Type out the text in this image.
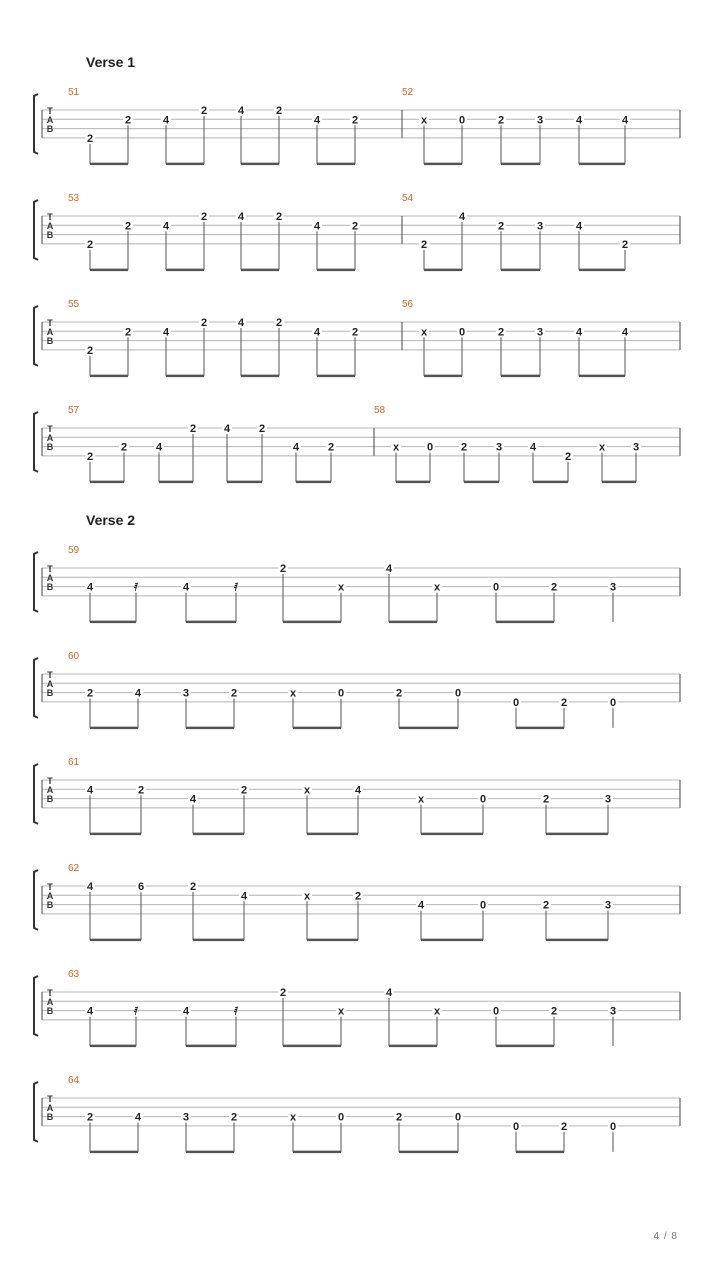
Verse 1
Verse 2
T
A
B
51
2
2	4
2	4	2
4	2
52
x	0	2	3	4	4
T
A
B
53
2
2	4
2	4	2
4	2
54
2
4
2	3	4
2
T
A
B
55
2
2	4
2	4	2
4	2
56
x	0	2	3	4	4
T
A
B
57
2
2	4
2	4	2
4	2
58
x	0	2	3	4
2
x	3
T
A
B
59
4	𝅀	4	𝅀
2
x
4
x	0	2	3
T
A
B
60
2	4	3	2	x	0	2	0
0	2	0
T
A
B
61
4	2
4
2	x	4
x	0	2	3
T
A
B
62
4	6	2
4	x	2
4	0	2	3
T
A
B
63
4	𝅀	4	𝅀
2
x
4
x	0	2	3
T
A
B
64
2	4	3	2	x	0	2	0
0	2	0
4 / 8
